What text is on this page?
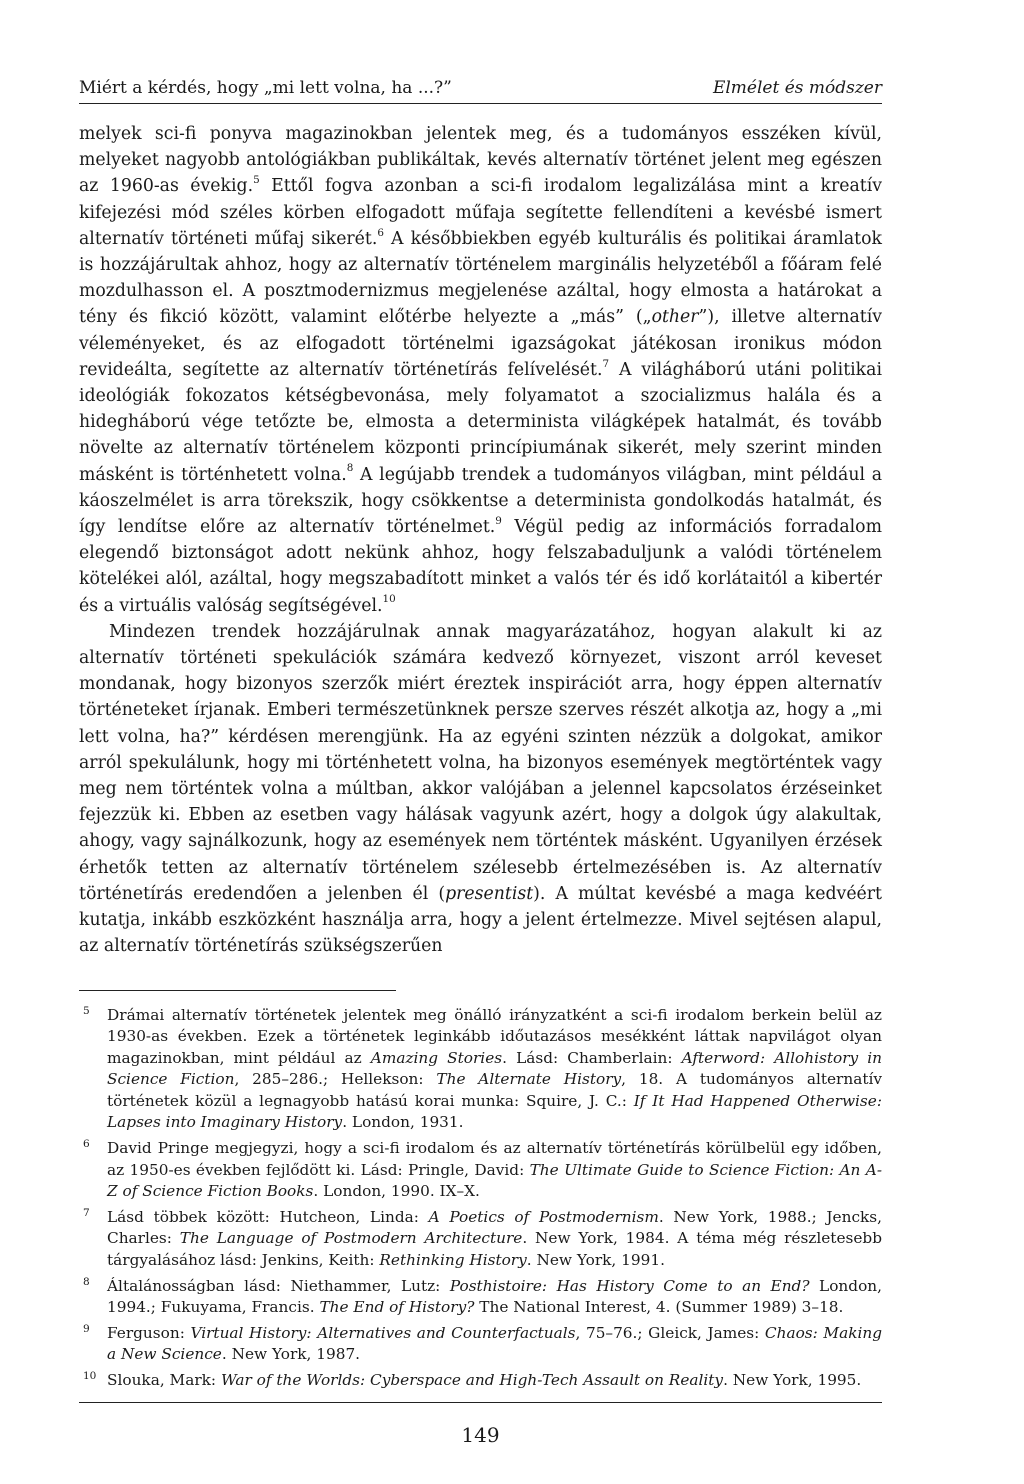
Miért a kérdés, hogy „mi lett volna, ha ...?”	Elmélet és módszer

melyek sci-fi ponyva magazinokban jelentek meg, és a tudományos esszéken kívül, melyeket nagyobb antológiákban publikáltak, kevés alternatív történet jelent meg egészen az 1960-as évekig.$^5$ Ettől fogva azonban a sci-fi irodalom legalizálása mint a kreatív kifejezési mód széles körben elfogadott műfaja segítette fellendíteni a kevésbé ismert alternatív történeti műfaj sikerét.$^6$ A későbbiekben egyéb kulturális és politikai áramlatok is hozzájárultak ahhoz, hogy az alternatív történelem marginális helyzetéből a főáram felé mozdulhasson el. A posztmodernizmus megjelenése azáltal, hogy elmosta a határokat a tény és fikció között, valamint előtérbe helyezte a „más” („other”), illetve alternatív véleményeket, és az elfogadott történelmi igazságokat játékosan ironikus módon revideálta, segítette az alternatív történetírás felívelését.$^7$ A világháború utáni politikai ideológiák fokozatos kétségbevonása, mely folyamatot a szocializmus halála és a hidegháború vége tetőzte be, elmosta a determinista világképek hatalmát, és tovább növelte az alternatív történelem központi princípiumának sikerét, mely szerint minden másként is történhetett volna.$^8$ A legújabb trendek a tudományos világban, mint például a káoszelmélet is arra törekszik, hogy csökkentse a determinista gondolkodás hatalmát, és így lendítse előre az alternatív történelmet.$^9$ Végül pedig az információs forradalom elegendő biztonságot adott nekünk ahhoz, hogy felszabaduljunk a valódi történelem kötelékei alól, azáltal, hogy megszabadított minket a valós tér és idő korlátaitól a kibertér és a virtuális valóság segítségével.$^{10}$

Mindezen trendek hozzájárulnak annak magyarázatához, hogyan alakult ki az alternatív történeti spekulációk számára kedvező környezet, viszont arról keveset mondanak, hogy bizonyos szerzők miért éreztek inspirációt arra, hogy éppen alternatív történeteket írjanak. Emberi természetünknek persze szerves részét alkotja az, hogy a „mi lett volna, ha?” kérdésen merengjünk. Ha az egyéni szinten nézzük a dolgokat, amikor arról spekulálunk, hogy mi történhetett volna, ha bizonyos események megtörténtek vagy meg nem történtek volna a múltban, akkor valójában a jelennel kapcsolatos érzéseinket fejezzük ki. Ebben az esetben vagy hálásak vagyunk azért, hogy a dolgok úgy alakultak, ahogy, vagy sajnálkozunk, hogy az események nem történtek másként. Ugyanilyen érzések érhetők tetten az alternatív történelem szélesebb értelmezésében is. Az alternatív történetírás eredendően a jelenben él (presentist). A múltat kevésbé a maga kedvéért kutatja, inkább eszközként használja arra, hogy a jelent értelmezze. Mivel sejtésen alapul, az alternatív történetírás szükségszerűen

5 Drámai alternatív történetek jelentek meg önálló irányzatként a sci-fi irodalom berkein belül az 1930-as években. Ezek a történetek leginkább időutazásos mesékként láttak napvilágot olyan magazinokban, mint például az Amazing Stories. Lásd: Chamberlain: Afterword: Allohistory in Science Fiction, 285–286.; Hellekson: The Alternate History, 18. A tudományos alternatív történetek közül a legnagyobb hatású korai munka: Squire, J. C.: If It Had Happened Otherwise: Lapses into Imaginary History. London, 1931.
6 David Pringe megjegyzi, hogy a sci-fi irodalom és az alternatív történetírás körülbelül egy időben, az 1950-es években fejlődött ki. Lásd: Pringle, David: The Ultimate Guide to Science Fiction: An A-Z of Science Fiction Books. London, 1990. IX–X.
7 Lásd többek között: Hutcheon, Linda: A Poetics of Postmodernism. New York, 1988.; Jencks, Charles: The Language of Postmodern Architecture. New York, 1984. A téma még részletesebb tárgyalásához lásd: Jenkins, Keith: Rethinking History. New York, 1991.
8 Általánosságban lásd: Niethammer, Lutz: Posthistoire: Has History Come to an End? London, 1994.; Fukuyama, Francis. The End of History? The National Interest, 4. (Summer 1989) 3–18.
9 Ferguson: Virtual History: Alternatives and Counterfactuals, 75–76.; Gleick, James: Chaos: Making a New Science. New York, 1987.
10 Slouka, Mark: War of the Worlds: Cyberspace and High-Tech Assault on Reality. New York, 1995.
149
